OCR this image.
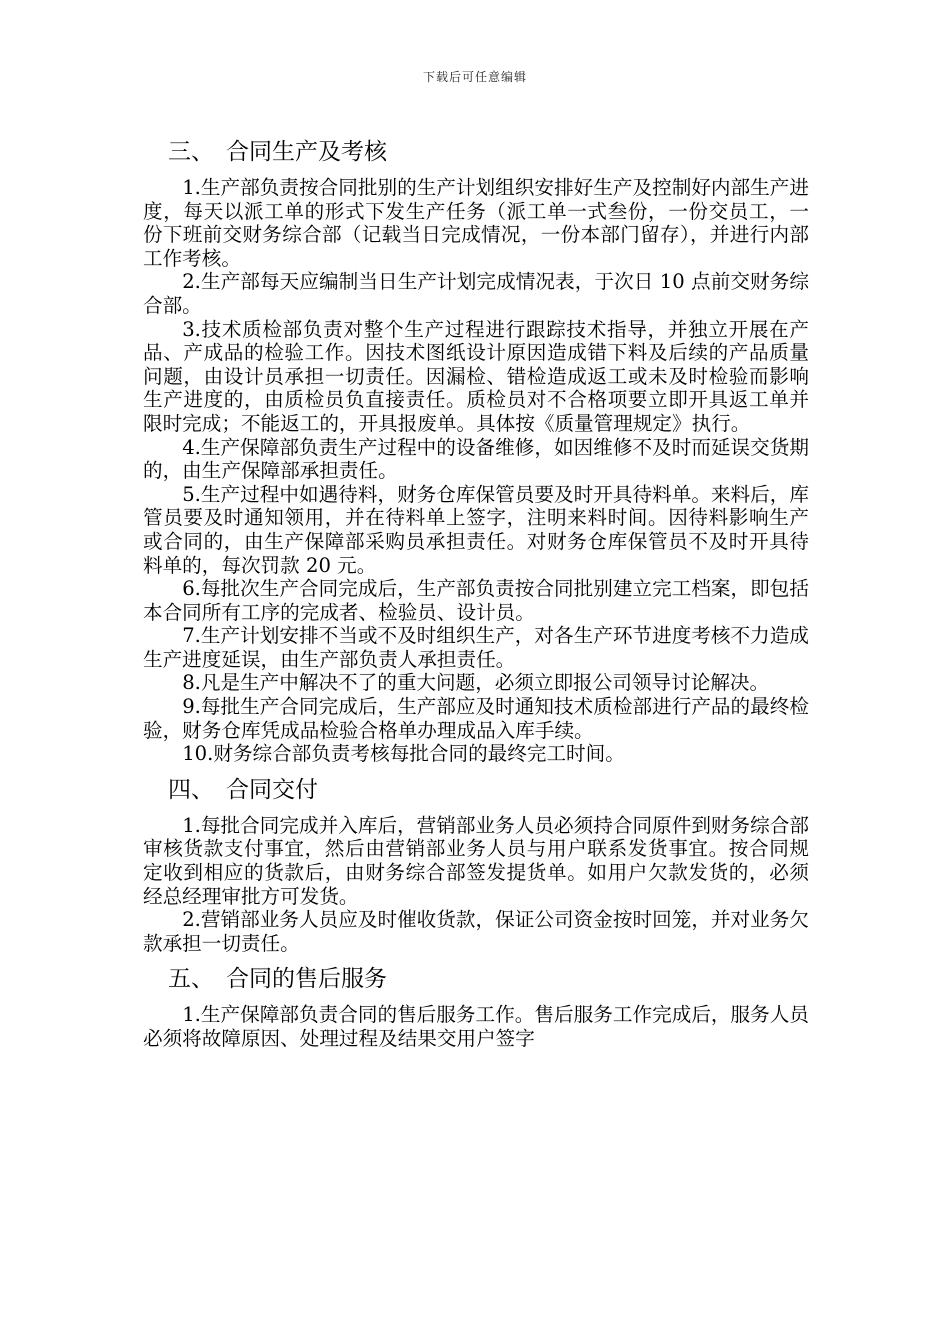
下载后可任意编辑
三、 合同生产及考核

1.生产部负责按合同批别的生产计划组织安排好生产及控制好内部生产进度，每天以派工单的形式下发生产任务（派工单一式叁份，一份交员工，一份下班前交财务综合部（记载当日完成情况，一份本部门留存），并进行内部工作考核。

2.生产部每天应编制当日生产计划完成情况表，于次日 10 点前交财务综合部。

3.技术质检部负责对整个生产过程进行跟踪技术指导，并独立开展在产品、产成品的检验工作。因技术图纸设计原因造成错下料及后续的产品质量问题，由设计员承担一切责任。因漏检、错检造成返工或未及时检验而影响生产进度的，由质检员负直接责任。质检员对不合格项要立即开具返工单并限时完成；不能返工的，开具报废单。具体按《质量管理规定》执行。

4.生产保障部负责生产过程中的设备维修，如因维修不及时而延误交货期的，由生产保障部承担责任。

5.生产过程中如遇待料，财务仓库保管员要及时开具待料单。来料后，库管员要及时通知领用，并在待料单上签字，注明来料时间。因待料影响生产或合同的，由生产保障部采购员承担责任。对财务仓库保管员不及时开具待料单的，每次罚款 20 元。

6.每批次生产合同完成后，生产部负责按合同批别建立完工档案，即包括本合同所有工序的完成者、检验员、设计员。

7.生产计划安排不当或不及时组织生产，对各生产环节进度考核不力造成生产进度延误，由生产部负责人承担责任。

8.凡是生产中解决不了的重大问题，必须立即报公司领导讨论解决。

9.每批生产合同完成后，生产部应及时通知技术质检部进行产品的最终检验，财务仓库凭成品检验合格单办理成品入库手续。

10.财务综合部负责考核每批合同的最终完工时间。

四、 合同交付

1.每批合同完成并入库后，营销部业务人员必须持合同原件到财务综合部审核货款支付事宜，然后由营销部业务人员与用户联系发货事宜。按合同规定收到相应的货款后，由财务综合部签发提货单。如用户欠款发货的，必须经总经理审批方可发货。

2.营销部业务人员应及时催收货款，保证公司资金按时回笼，并对业务欠款承担一切责任。

五、 合同的售后服务

1.生产保障部负责合同的售后服务工作。售后服务工作完成后，服务人员必须将故障原因、处理过程及结果交用户签字
